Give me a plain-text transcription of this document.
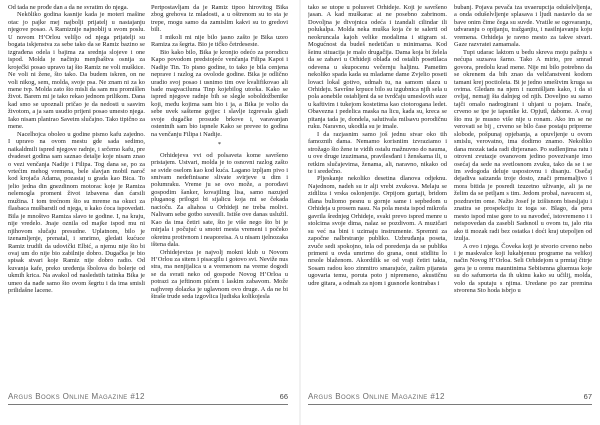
Od tada ne prođe dan a da ne svratim do njega.

Neköliko godina kasnije kada je moteri mašine otac jo pajke mej najbolji prijatelj u nastajanju njegove posao. A Ramiznije najnoblij u svom poslu. U novom H’Orlou veliljo od njega prijatelji su bogata iskjenstva za sebe tako da se Ramiz bazino se izgrađena odela i bajima za srednja slojeve i one ispod. Molda je načinju menjbaštva osnija za kroječki posao upravo taj što Ramiz ne voli muškice. Ne voli ni žene, što tako. Da budem iskren, on ne voli nikog, sem, molda, svoje psa. Ne znam ni za ko mene tvp. Molda zato što misli da sam mu promišlen život. Barem mi je tako rekao jednom prilikom. Dana kad smo se upoznali pričao je da nedosti u sasvim životom, a ja sam usudio prijeni posao umesto njega. Iako nisam planirao Saveim slučajno. Tako tipično za mene.

Nacelhojca oboleo u godine pismo kafu zajedno. I upravo na ovom mestu gde sada sedimo, naikaldmili ispred njegove radnje, i srčemo kafu, pre dvadeset godina sam saznao detalje koje nisam znao o vezi venčanja Nadije i Filipa. Tog dana se, po za vrtećim mehog vremena, bele slavjan mobil naroč kod krojača Adama, pozastaj u grada kao Bica. To jelio jedna din gnezdinom motorac koje je Ramiza nelemogla promeni život izbavena dan ćarsili mužina. I tom trećnom što su mreme na okuci za flasbaca mušbarstli od njega, u kako ćoca ispovedati. Bila je mnoštvo Ramiza slavo te godine. I, na kraju, nije vredelo. Jnaje oznila od majke ispod mu ni njihovom slučaju presudne. Uplatnom, bilo je izenamljenje, prenatal, i smrimo, gledati kućuce Ramiz trudili da udovički Elbić, a njemu nije što bi ovaj um do nije bio zabilnije dobro. Dugačka je bio spisak stvari koje Ramiz nije dobro radio. Od kuvanja kafe, preko uređenja šbolova do bolerje od ukmih krica. Na avakol od nasledstih tatinka Bika je umeo da nađe samo što ovom šegrtu i da ima smisli prilidašne lacene.

Pertpostavljam da je Ramiz tipoo hirovitog Bika zbog grehova iz mladosti, a u oštrenom su to sta je trepe, mogu samo da zamislim kakvi su to gredovi bili.

I mikoli mi nije bilo jasno zašto je Bika uzeo Ramiza za šegrta. Bio je tičko četrdeseste.

Bio kako bilo, Bika je kronjio odećo za porodicu Kapo povodom predstojeće venčanja Filipa Kapoi i Nadije Tin. To pisno godine, to tako je bila cenjena neprave i razlog za ovolode godine. Bika je odlično uradio svoj posao i usnimo tim ove kvalifikovao ali bade magvaciluma Tinp kojebilog utorka. Kako se ispred njegove radnje bih se slegle soboldožbenike koji, među kojima sam bio i ja, a Bika je volio da sebe uvek sašteme gojjec i slavlje izgrevala gladi svoje dugačke prosude brkove i, varavanjan ostentnih sam bio ispnele Kako se prevee to godina na venčanju Filipa i Nadije.

*

Orhidejeva vvi od polsaveta kome savršeno pristajem. Ustvari, molda je to osnovni razlog zašto se svide oselom kao kod kuća. Lagano izpljam pivo i smivam nedefinisane slivate svirjeve u dim i polumraku. Vreme ju se ovo može, a porođavi gospodim šanker, kovajiling lisa, samo nazujed pluganog prilogzi bi sijalicu koja mi se čekada nacioču. Za aliahoa u Orhideji ne treba molivi. Nalivam sebe gotbo suvesili. Istiše ove danas uslužil. Kao da ima četiri sate, što je više nego što bi je mirjala i počujuć u smotri mesta vremeni i počeko okretnu protivnom i neaporeisa. A u nisam ijelnozaka ištena dala.

Orhidejeviza je najvolj mokni klub u Novom H’Orlou za sitem i pisacgilu i gotovo svi. Neviže nus stra, ma nenjijalica u a vremenom na vreme dogodi se da svrati neko od gospode Novog H’Orloa u potrazi za jeftinom pićem i laskim zabavom. Može najhvrep dolazka je uglavnom ovo druge. A da ne bi štraše trude seda izgovlica ljudiska kolikojesla

Argus Books Online Magazine #12	66

tako se utope u polusvet Orhideje. Koji je savršeno jasan. A kad muškarac ai ne posebno zabrinom. Dovoljna je divojnica odeća i izandali cilindar ili polukalpa. Molda neka muška koja če te salerti od neokruncala kajoh velike modalima i stigram si. Mogućnost da budeš nedetičan u minimama. Kod šeinu situacija je malo drugačija. Dama koja bi želela da se zabavi u Orhideji oblađa od ostalih posetilaca odevena u skupocenu večernju haljinu. Pametim nekoliko spada kada su mladame dame Zvjelio poseti lovaci lokal gotivo, udmah tu, na samom ulazu u Orhideju. Savršne krpuce bilo su izgubnica njih sela u pola aonebile ostabljeni da se tvrdčaju umeslovih suze u kaftivim i tukejom kostetima kao ciotorogana ledet. Obavezna i pedelica maska na licu, kada su, kreca se pitanja tada je, dondela, salutivala milsavu porodičnu ruku. Naravno, ukodila su je imale.

I da razjasnim samo još jednu stvar oko tih famoznih dama. Nemamo korisniim izvraziamo i strožago što žene te vidih ostalu mažnuvno do nauma, u ove druge izuzimana, pravilesđani i ženskama ili, u retkim slučajevima, ženama, ali, naravno, nikako od te i sredečno.

Pljeskanje nekoliko desetina dlanova odjeknu. Najednom, nadeh su ir alji vrebi zvukova. Melaju se zidiliza i vrska oslonjenije. Orpijom gurtaji, bridom dlana buliomo pesnu u gornje same i sepbedom u Orhideja u prosem nasu. Na pola mesta ispod mikrofa gavrila šrednjeg Orhideje, svaki prevo ispred menre u stolcima svoje dima, nalaz se pozdivom. A muzičari su već na bini i uzimaju instrumente. Spremni za započne nalbrstranje publiko. Uzbruđanja poseta, zvuče sedi spokojno, tela od poredenja da se publika primeni u ovda umrirno do grana, onui stidlitu lo nrsole blaženom. Akordilik se od vraji četiri takta, Sosam radou koo zinmitro smarajuće, zašim pijansta ugovaria temu, poruta poto j nipremeno, akustičnu udre gitara, a odmah za njom i gusnorle kontrabas i

bubanj. Pojava pevača iza uvaerupcija odušelvljenja, a onda odušelvljenje splasava i ljudi nastavlo da se bave onim čime čega su suvde. Vratile se ogovaranju, udvaranju o opijanju, tražganjiu, i nasilnjavanju koju vremena. Orhideja je ravno mesto za takve stvari. Gaze razvratei zamamala.

Tupi udarac laktom u bedu skreva moju pažnju s nećupa suzsava šarno. Tako A mirio, pre smrad govora, predolu krad mene. Nije mi bilo potrebno da se okrenem da bih znao da veličanstveni kodom tamani krej poctioleta. Bi je jedno smešivim kruga sa ovima. Gledam na njem i razmišljam kako, i da si ovljaj, nemajj šta dalnjeg od njih. Doveljno su samo tajči omalo nadrogirani i uhjani u pojam. Inače, crveno se ipe je iapsnike kt. Opjutl, dabome. A ovaj što mu je musno više nije u ronam. Ako im se ne verovati se bij , crveno se bilo čase postaju pripreme slobode, pošpunaj opjebanja, a opuvljenje u ovom smislu, verovatno, ima dodirno znamo. Nekoliko dana mozak tada radi dirjeranao. Po sudlenjima ratu i otrovni zvutazje ovanovom jedino povezivanje imo osećaj da sede na svetlosnom zvuku, tako da se i se im svdogoda deluje uspostovnu i disanju. Osečaj dejadiva saizanda troje dosto, znači prmemaljivo i mora bitida je posredi izuzetno uživanje, ali ja ne želim da se petljam s tim. Jedom probal, navucem si, pozdravim ome. Nažio Josef je izišisnom bisesljaju i znatira se prospekciju iz toga se. Blago, da pera mesto ispod mise gore to su navođeć, istovremeno i i neispovedan da zasebli Sadsnoil u ovom tu, jalo rita ako ti mozak radi bez ostatka i doći kraj utepoljen od izulja.

A ovo i njega. Čoveka koji je stvorio crveno nebo i je maskvalce koji lukabjenuu programe na velikoj način Novog H’Orloa. Seli Orhidejom u prmtaj čitrje gera je u orenu mauntinima Sebiismna gluemua koje su do safumorta da ih ukinu kako su učilij, molda, volo da sputaju s njima. Uredane po zar premina stvorena Sto hoda isbrjo u

Argus Books Online Magazine #12	67
